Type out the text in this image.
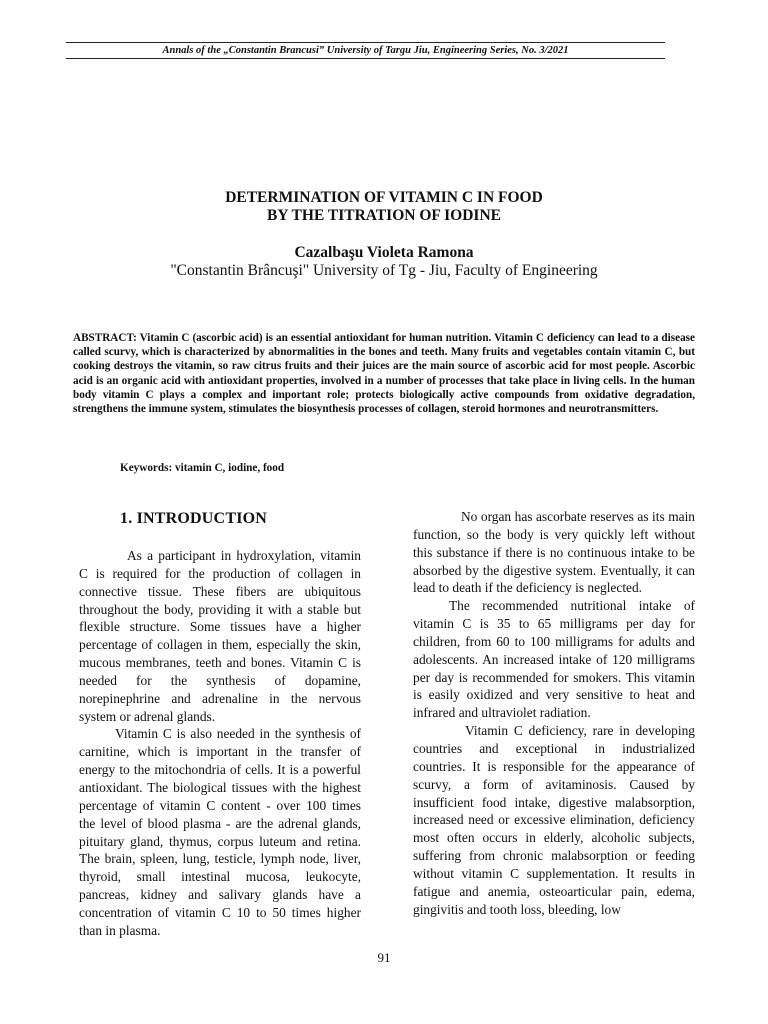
Annals of the „Constantin Brancusi” University of Targu Jiu, Engineering Series, No. 3/2021
DETERMINATION OF VITAMIN C IN FOOD
BY THE TITRATION OF IODINE
Cazalbaşu Violeta Ramona
"Constantin Brâncuşi" University of Tg - Jiu, Faculty of Engineering
ABSTRACT: Vitamin C (ascorbic acid) is an essential antioxidant for human nutrition. Vitamin C deficiency can lead to a disease called scurvy, which is characterized by abnormalities in the bones and teeth. Many fruits and vegetables contain vitamin C, but cooking destroys the vitamin, so raw citrus fruits and their juices are the main source of ascorbic acid for most people. Ascorbic acid is an organic acid with antioxidant properties, involved in a number of processes that take place in living cells. In the human body vitamin C plays a complex and important role; protects biologically active compounds from oxidative degradation, strengthens the immune system, stimulates the biosynthesis processes of collagen, steroid hormones and neurotransmitters.
Keywords: vitamin C, iodine, food
1. INTRODUCTION

As a participant in hydroxylation, vitamin C is required for the production of collagen in connective tissue. These fibers are ubiquitous throughout the body, providing it with a stable but flexible structure. Some tissues have a higher percentage of collagen in them, especially the skin, mucous membranes, teeth and bones. Vitamin C is needed for the synthesis of dopamine, norepinephrine and adrenaline in the nervous system or adrenal glands.

Vitamin C is also needed in the synthesis of carnitine, which is important in the transfer of energy to the mitochondria of cells. It is a powerful antioxidant. The biological tissues with the highest percentage of vitamin C content - over 100 times the level of blood plasma - are the adrenal glands, pituitary gland, thymus, corpus luteum and retina. The brain, spleen, lung, testicle, lymph node, liver, thyroid, small intestinal mucosa, leukocyte, pancreas, kidney and salivary glands have a concentration of vitamin C 10 to 50 times higher than in plasma.

No organ has ascorbate reserves as its main function, so the body is very quickly left without this substance if there is no continuous intake to be absorbed by the digestive system. Eventually, it can lead to death if the deficiency is neglected.

The recommended nutritional intake of vitamin C is 35 to 65 milligrams per day for children, from 60 to 100 milligrams for adults and adolescents. An increased intake of 120 milligrams per day is recommended for smokers. This vitamin is easily oxidized and very sensitive to heat and infrared and ultraviolet radiation.

Vitamin C deficiency, rare in developing countries and exceptional in industrialized countries. It is responsible for the appearance of scurvy, a form of avitaminosis. Caused by insufficient food intake, digestive malabsorption, increased need or excessive elimination, deficiency most often occurs in elderly, alcoholic subjects, suffering from chronic malabsorption or feeding without vitamin C supplementation. It results in fatigue and anemia, osteoarticular pain, edema, gingivitis and tooth loss, bleeding, low

91
